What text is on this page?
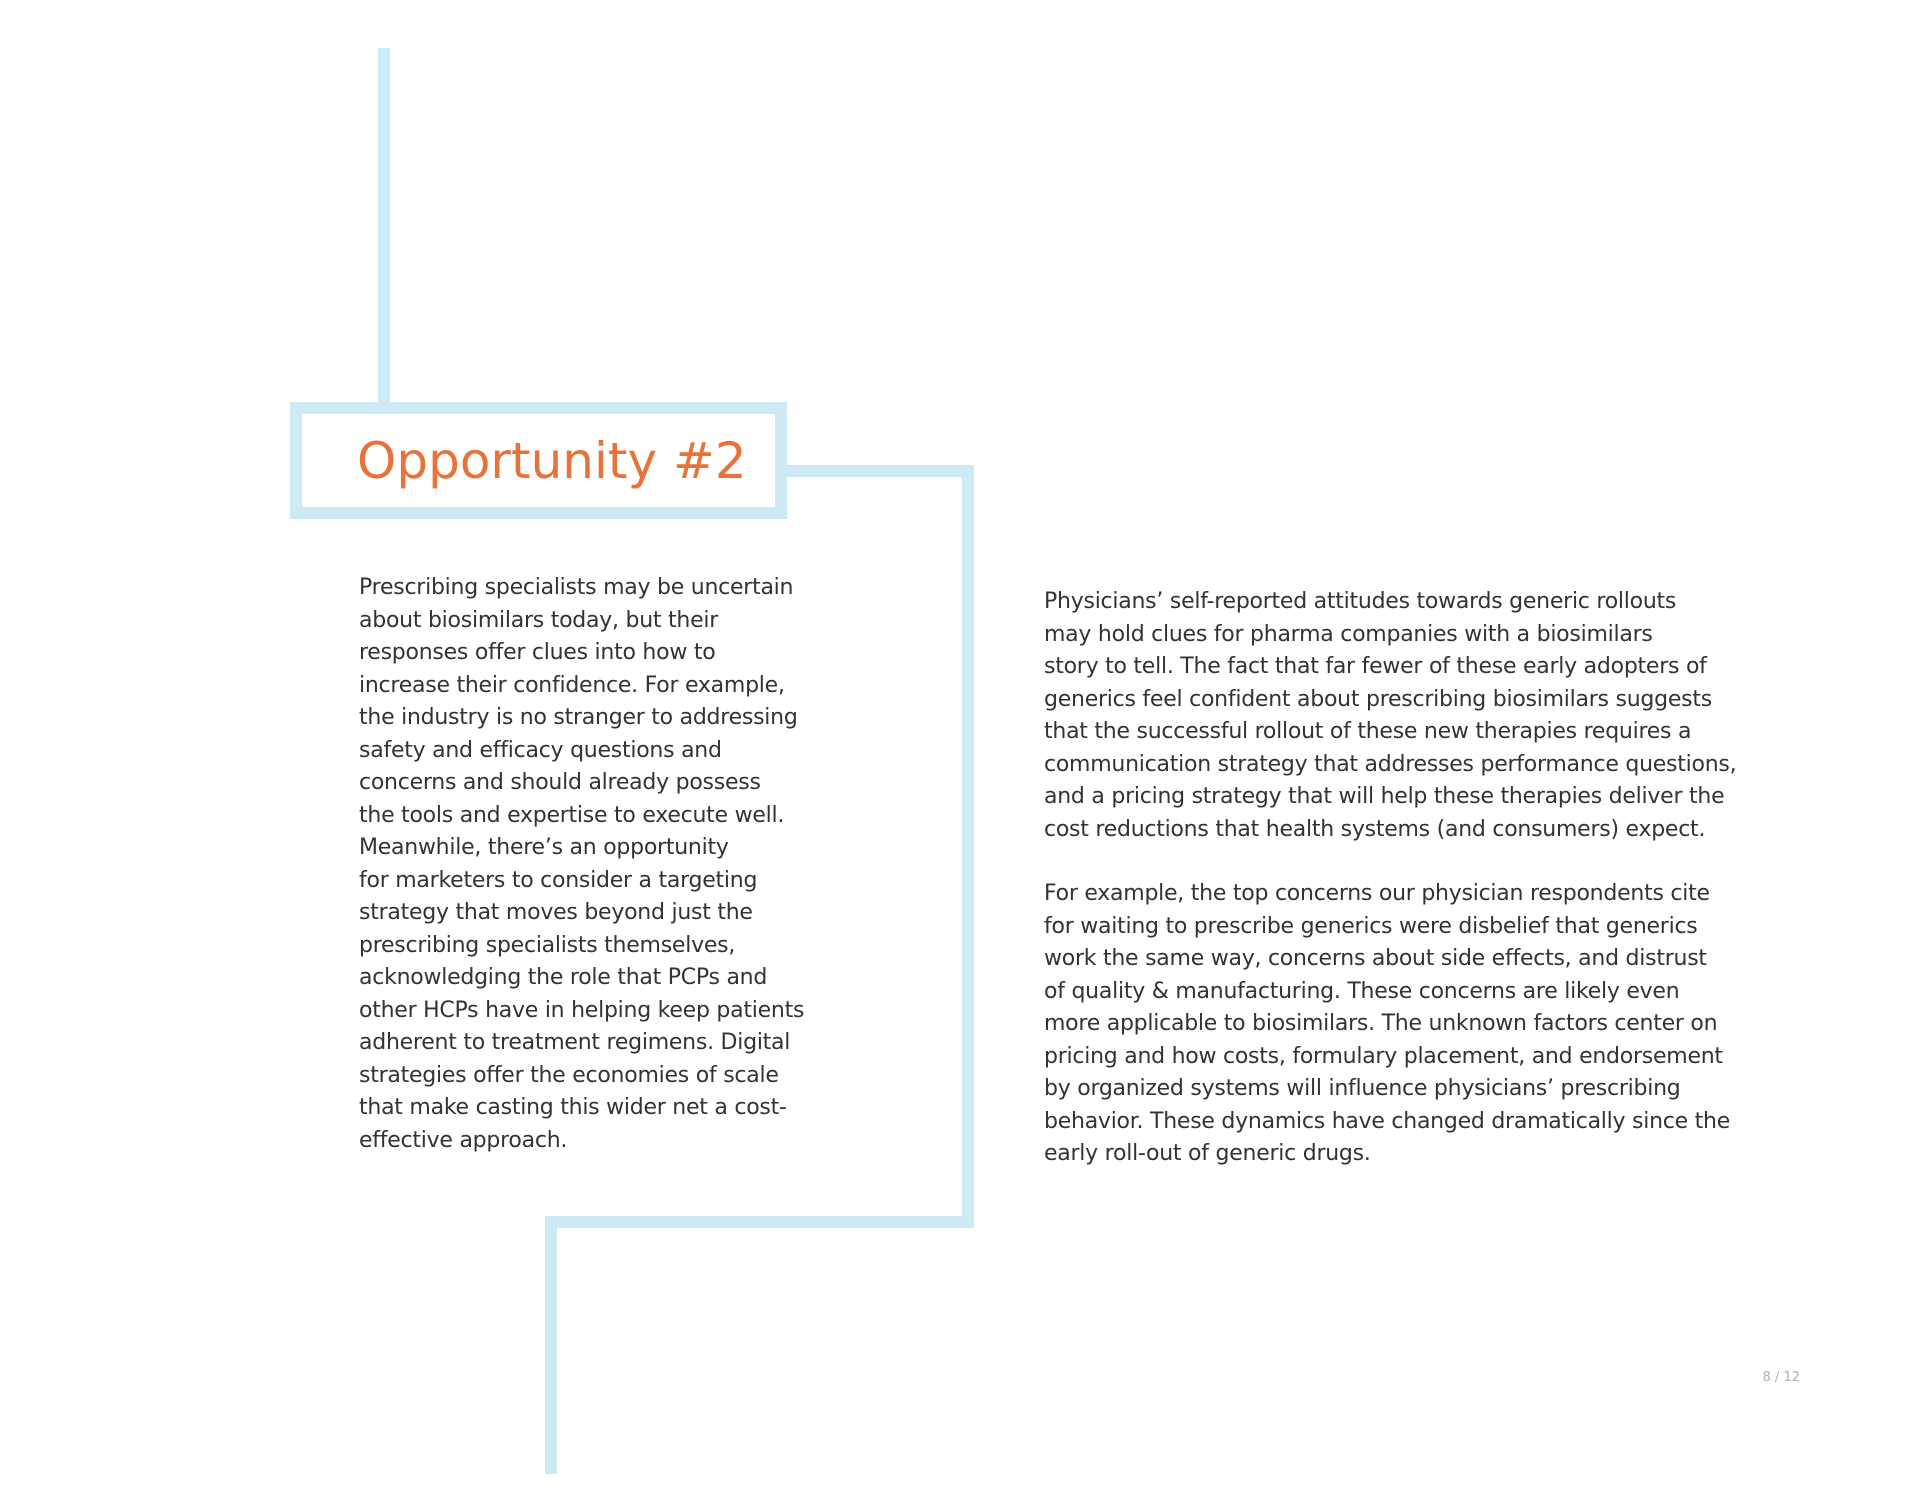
Opportunity #2

Prescribing specialists may be uncertain
about biosimilars today, but their
responses offer clues into how to
increase their confidence. For example,
the industry is no stranger to addressing
safety and efficacy questions and
concerns and should already possess
the tools and expertise to execute well.
Meanwhile, there’s an opportunity
for marketers to consider a targeting
strategy that moves beyond just the
prescribing specialists themselves,
acknowledging the role that PCPs and
other HCPs have in helping keep patients
adherent to treatment regimens. Digital
strategies offer the economies of scale
that make casting this wider net a cost-
effective approach.

Physicians’ self-reported attitudes towards generic rollouts
may hold clues for pharma companies with a biosimilars
story to tell. The fact that far fewer of these early adopters of
generics feel confident about prescribing biosimilars suggests
that the successful rollout of these new therapies requires a
communication strategy that addresses performance questions,
and a pricing strategy that will help these therapies deliver the
cost reductions that health systems (and consumers) expect.

For example, the top concerns our physician respondents cite
for waiting to prescribe generics were disbelief that generics
work the same way, concerns about side effects, and distrust
of quality & manufacturing. These concerns are likely even
more applicable to biosimilars. The unknown factors center on
pricing and how costs, formulary placement, and endorsement
by organized systems will influence physicians’ prescribing
behavior. These dynamics have changed dramatically since the
early roll-out of generic drugs.

8 / 12
